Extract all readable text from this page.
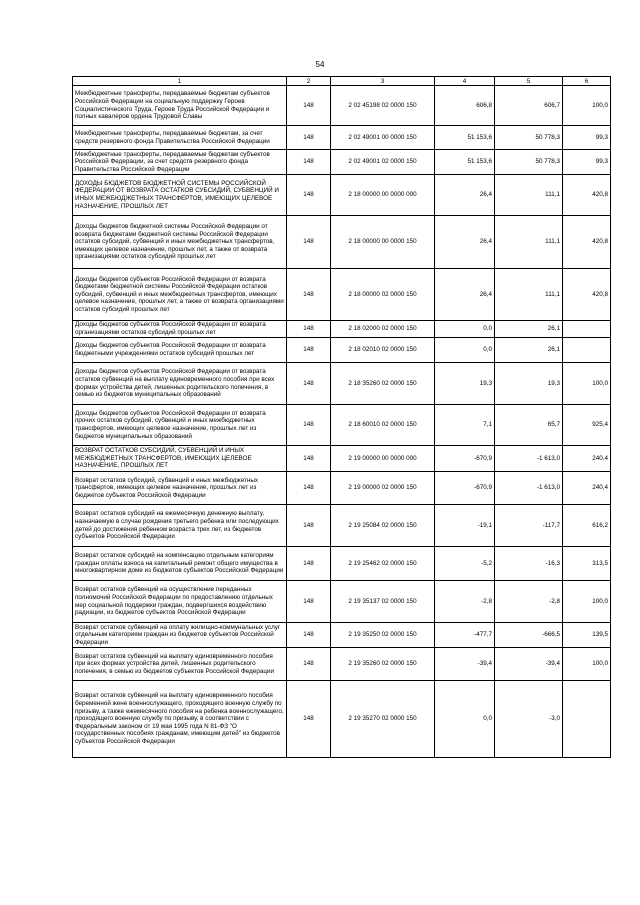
54
1	2	3	4	5	6
Межбюджетные трансферты, передаваемые бюджетам субъектов Российской Федерации на социальную поддержку Героев Социалистического Труда, Героев Труда Российской Федерации и полных кавалеров ордена Трудовой Славы	148	2 02 45198 02 0000 150	606,8	606,7	100,0
Межбюджетные трансферты, передаваемые бюджетам, за счет средств резервного фонда Правительства Российской Федерации	148	2 02 49001 00 0000 150	51 153,6	50 778,3	99,3
Межбюджетные трансферты, передаваемые бюджетам субъектов Российской Федерации, за счет средств резервного фонда Правительства Российской Федерации	148	2 02 49001 02 0000 150	51 153,6	50 778,3	99,3
ДОХОДЫ БЮДЖЕТОВ БЮДЖЕТНОЙ СИСТЕМЫ РОССИЙСКОЙ ФЕДЕРАЦИИ ОТ ВОЗВРАТА ОСТАТКОВ СУБСИДИЙ, СУБВЕНЦИЙ И ИНЫХ МЕЖБЮДЖЕТНЫХ ТРАНСФЕРТОВ, ИМЕЮЩИХ ЦЕЛЕВОЕ НАЗНАЧЕНИЕ, ПРОШЛЫХ ЛЕТ	148	2 18 00000 00 0000 000	26,4	111,1	420,8
Доходы бюджетов бюджетной системы Российской Федерации от возврата бюджетами бюджетной системы Российской Федерации остатков субсидий, субвенций и иных межбюджетных трансфертов, имеющих целевое назначение, прошлых лет, а также от возврата организациями остатков субсидий прошлых лет	148	2 18 00000 00 0000 150	26,4	111,1	420,8
Доходы бюджетов субъектов Российской Федерации от возврата бюджетами бюджетной системы Российской Федерации остатков субсидий, субвенций и иных межбюджетных трансфертов, имеющих целевое назначение, прошлых лет, а также от возврата организациями остатков субсидий прошлых лет	148	2 18 00000 02 0000 150	26,4	111,1	420,8
Доходы бюджетов субъектов Российской Федерации от возврата организациями остатков субсидий прошлых лет	148	2 18 02000 02 0000 150	0,0	26,1	
Доходы бюджетов субъектов Российской Федерации от возврата бюджетными учреждениями остатков субсидий прошлых лет	148	2 18 02010 02 0000 150	0,0	26,1	
Доходы бюджетов субъектов Российской Федерации от возврата остатков субвенций на выплату единовременного пособия при всех формах устройства детей, лишенных родительского попечения, в семью из бюджетов муниципальных образований	148	2 18 35260 02 0000 150	19,3	19,3	100,0
Доходы бюджетов субъектов Российской Федерации от возврата прочих остатков субсидий, субвенций и иных межбюджетных трансфертов, имеющих целевое назначение, прошлых лет из бюджетов муниципальных образований	148	2 18 60010 02 0000 150	7,1	65,7	925,4
ВОЗВРАТ ОСТАТКОВ СУБСИДИЙ, СУБВЕНЦИЙ И ИНЫХ МЕЖБЮДЖЕТНЫХ ТРАНСФЕРТОВ, ИМЕЮЩИХ ЦЕЛЕВОЕ НАЗНАЧЕНИЕ, ПРОШЛЫХ ЛЕТ	148	2 19 00000 00 0000 000	-670,9	-1 613,0	240,4
Возврат остатков субсидий, субвенций и иных межбюджетных трансфертов, имеющих целевое назначение, прошлых лет из бюджетов субъектов Российской Федерации	148	2 19 00000 02 0000 150	-670,9	-1 613,0	240,4
Возврат остатков субсидий на ежемесячную денежную выплату, назначаемую в случае рождения третьего ребенка или последующих детей до достижения ребенком возраста трех лет, из бюджетов субъектов Российской Федерации	148	2 19 25084 02 0000 150	-19,1	-117,7	616,2
Возврат остатков субсидий на компенсацию отдельным категориям граждан оплаты взноса на капитальный ремонт общего имущества в многоквартирном доме из бюджетов субъектов Российской Федерации	148	2 19 25462 02 0000 150	-5,2	-16,3	313,5
Возврат остатков субвенций на осуществление переданных полномочий Российской Федерации по предоставлению отдельных мер социальной поддержки граждан, подвергшихся воздействию радиации, из бюджетов субъектов Российской Федерации	148	2 19 35137 02 0000 150	-2,8	-2,8	100,0
Возврат остатков субвенций на оплату жилищно-коммунальных услуг отдельным категориям граждан из бюджетов субъектов Российской Федерации	148	2 19 35250 02 0000 150	-477,7	-666,5	139,5
Возврат остатков субвенций на выплату единовременного пособия при всех формах устройства детей, лишенных родительского попечения, в семью из бюджетов субъектов Российской Федерации	148	2 19 35260 02 0000 150	-39,4	-39,4	100,0
Возврат остатков субвенций на выплату единовременного пособия беременной жене военнослужащего, проходящего военную службу по призыву, а также ежемесячного пособия на ребенка военнослужащего, проходящего военную службу по призыву, в соответствии с Федеральным законом от 19 мая 1995 года N 81-ФЗ "О государственных пособиях гражданам, имеющим детей" из бюджетов субъектов Российской Федерации	148	2 19 35270 02 0000 150	0,0	-3,0	
